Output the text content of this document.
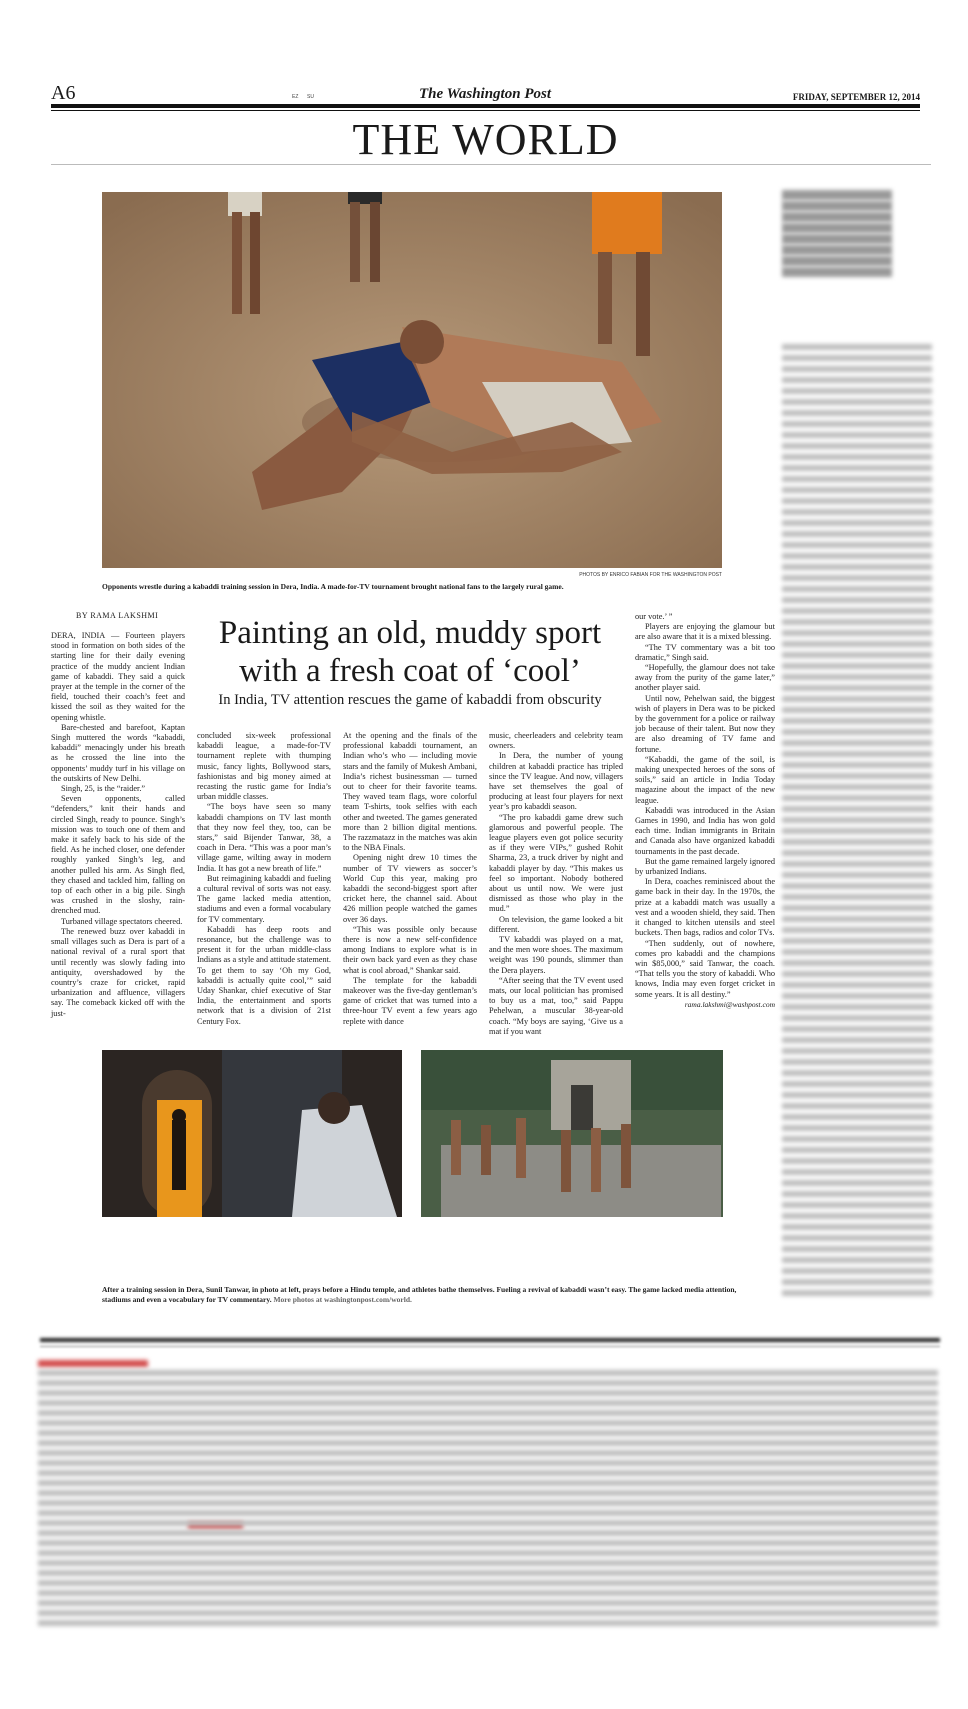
A6	EZ SU	The Washington Post	FRIDAY, SEPTEMBER 12, 2014
THE WORLD
PHOTOS BY ENRICO FABIAN FOR THE WASHINGTON POST
Opponents wrestle during a kabaddi training session in Dera, India. A made-for-TV tournament brought national fans to the largely rural game.
BY RAMA LAKSHMI	Painting an old, muddy sport
with a fresh coat of ‘cool’
In India, TV attention rescues the game of kabaddi from obscurity

DERA, INDIA — Fourteen players stood in formation on both sides of the starting line for their daily evening practice of the muddy ancient Indian game of kabaddi. They said a quick prayer at the temple in the corner of the field, touched their coach’s feet and kissed the soil as they waited for the opening whistle.

Bare-chested and barefoot, Kaptan Singh muttered the words “kabaddi, kabaddi” menacingly under his breath as he crossed the line into the opponents’ muddy turf in his village on the outskirts of New Delhi.

Singh, 25, is the “raider.”

Seven opponents, called “defenders,” knit their hands and circled Singh, ready to pounce. Singh’s mission was to touch one of them and make it safely back to his side of the field. As he inched closer, one defender roughly yanked Singh’s leg, and another pulled his arm. As Singh fled, they chased and tackled him, falling on top of each other in a big pile. Singh was crushed in the sloshy, rain-drenched mud.

Turbaned village spectators cheered.

The renewed buzz over kabaddi in small villages such as Dera is part of a national revival of a rural sport that until recently was slowly fading into antiquity, overshadowed by the country’s craze for cricket, rapid urbanization and affluence, villagers say. The comeback kicked off with the just-

concluded six-week professional kabaddi league, a made-for-TV tournament replete with thumping music, fancy lights, Bollywood stars, fashionistas and big money aimed at recasting the rustic game for India’s urban middle classes.

“The boys have seen so many kabaddi champions on TV last month that they now feel they, too, can be stars,” said Bijender Tanwar, 38, a coach in Dera. “This was a poor man’s village game, wilting away in modern India. It has got a new breath of life.”

But reimagining kabaddi and fueling a cultural revival of sorts was not easy. The game lacked media attention, stadiums and even a formal vocabulary for TV commentary.

Kabaddi has deep roots and resonance, but the challenge was to present it for the urban middle-class Indians as a style and attitude statement. To get them to say ‘Oh my God, kabaddi is actually quite cool,’” said Uday Shankar, chief executive of Star India, the entertainment and sports network that is a division of 21st Century Fox.

At the opening and the finals of the professional kabaddi tournament, an Indian who’s who — including movie stars and the family of Mukesh Ambani, India’s richest businessman — turned out to cheer for their favorite teams. They waved team flags, wore colorful team T-shirts, took selfies with each other and tweeted. The games generated more than 2 billion digital mentions. The razzmatazz in the matches was akin to the NBA Finals.

Opening night drew 10 times the number of TV viewers as soccer’s World Cup this year, making pro kabaddi the second-biggest sport after cricket here, the channel said. About 426 million people watched the games over 36 days.

“This was possible only because there is now a new self-confidence among Indians to explore what is in their own back yard even as they chase what is cool abroad,” Shankar said.

The template for the kabaddi makeover was the five-day gentleman’s game of cricket that was turned into a three-hour TV event a few years ago replete with dance

music, cheerleaders and celebrity team owners.

In Dera, the number of young children at kabaddi practice has tripled since the TV league. And now, villagers have set themselves the goal of producing at least four players for next year’s pro kabaddi season.

“The pro kabaddi game drew such glamorous and powerful people. The league players even got police security as if they were VIPs,” gushed Rohit Sharma, 23, a truck driver by night and kabaddi player by day. “This makes us feel so important. Nobody bothered about us until now. We were just dismissed as those who play in the mud.”

On television, the game looked a bit different.

TV kabaddi was played on a mat, and the men wore shoes. The maximum weight was 190 pounds, slimmer than the Dera players.

“After seeing that the TV event used mats, our local politician has promised to buy us a mat, too,” said Pappu Pehelwan, a muscular 38-year-old coach. “My boys are saying, ‘Give us a mat if you want

our vote.’ ”

Players are enjoying the glamour but are also aware that it is a mixed blessing.

“The TV commentary was a bit too dramatic,” Singh said.

“Hopefully, the glamour does not take away from the purity of the game later,” another player said.

Until now, Pehelwan said, the biggest wish of players in Dera was to be picked by the government for a police or railway job because of their talent. But now they are also dreaming of TV fame and fortune.

“Kabaddi, the game of the soil, is making unexpected heroes of the sons of soils,” said an article in India Today magazine about the impact of the new league.

Kabaddi was introduced in the Asian Games in 1990, and India has won gold each time. Indian immigrants in Britain and Canada also have organized kabaddi tournaments in the past decade.

But the game remained largely ignored by urbanized Indians.

In Dera, coaches reminisced about the game back in their day. In the 1970s, the prize at a kabaddi match was usually a vest and a wooden shield, they said. Then it changed to kitchen utensils and steel buckets. Then bags, radios and color TVs.

“Then suddenly, out of nowhere, comes pro kabaddi and the champions win $85,000,” said Tanwar, the coach. “That tells you the story of kabaddi. Who knows, India may even forget cricket in some years. It is all destiny.”

rama.lakshmi@washpost.com
After a training session in Dera, Sunil Tanwar, in photo at left, prays before a Hindu temple, and athletes bathe themselves. Fueling a revival of kabaddi wasn’t easy. The game lacked media attention, stadiums and even a vocabulary for TV commentary. More photos at washingtonpost.com/world.
